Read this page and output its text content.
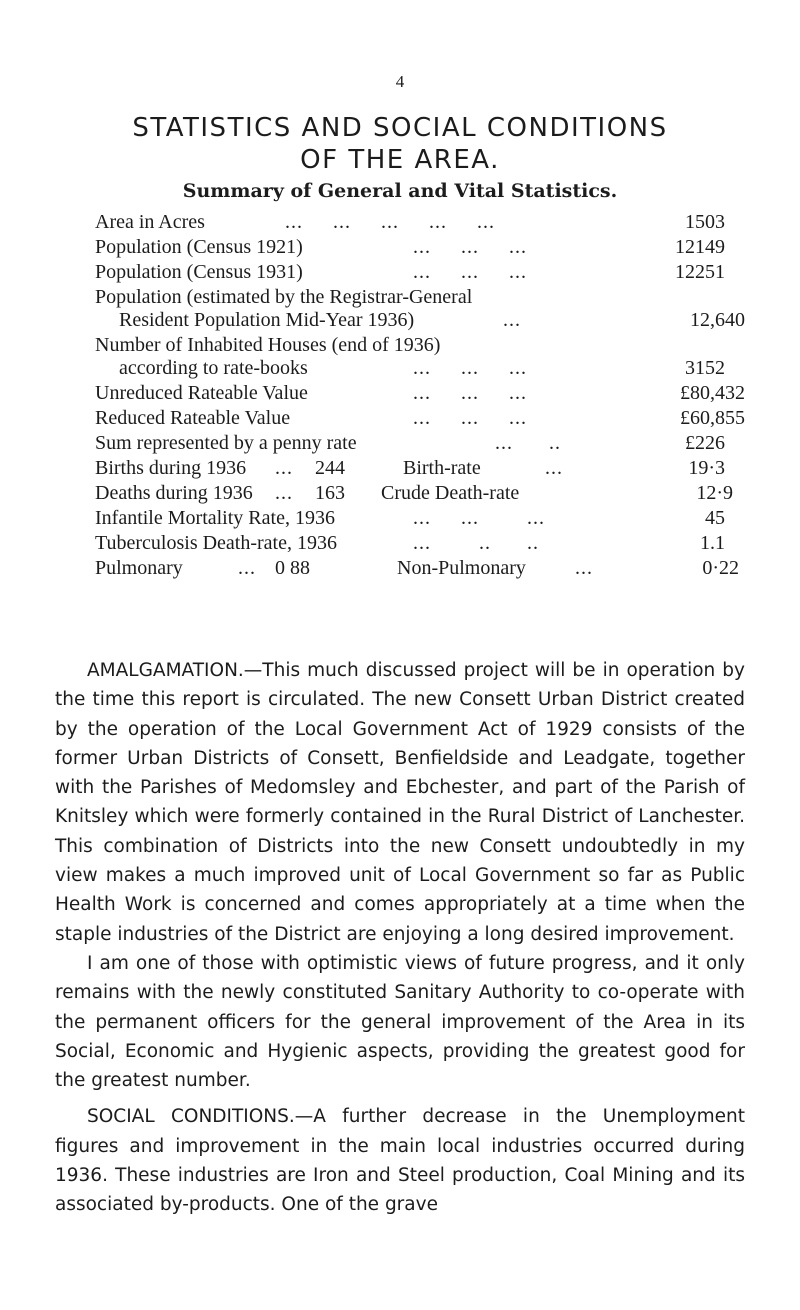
4
STATISTICS AND SOCIAL CONDITIONS
OF THE AREA.
Summary of General and Vital Statistics.
Area in Acres	...     ...     ...     ...     ...	1503
Population (Census 1921)	...     ...     ...	12149
Population (Census 1931)	...     ...     ...	12251
Population (estimated by the Registrar-General
Resident Population Mid-Year 1936)	...	12,640
Number of Inhabited Houses (end of 1936)
according to rate-books	...     ...     ...	3152
Unreduced Rateable Value	...     ...     ...	£80,432
Reduced Rateable Value	...     ...     ...	£60,855
Sum represented by a penny rate	...      ..	£226
Births during 1936 ... 244	Birth-rate	...	19·3
Deaths during 1936 ... 163 Crude Death-rate	12·9
Infantile Mortality Rate, 1936	...     ...        ...	45
Tuberculosis Death-rate, 1936	...        ..      ..	1.1
Pulmonary	... 0 88	Non-Pulmonary ...	0·22

AMALGAMATION.—This much discussed project will be in operation by the time this report is circulated. The new Consett Urban District created by the operation of the Local Government Act of 1929 consists of the former Urban Districts of Consett, Benfieldside and Leadgate, together with the Parishes of Medomsley and Ebchester, and part of the Parish of Knitsley which were formerly contained in the Rural District of Lanchester. This combination of Districts into the new Consett undoubtedly in my view makes a much improved unit of Local Government so far as Public Health Work is concerned and comes appropriately at a time when the staple industries of the District are enjoying a long desired improvement.

I am one of those with optimistic views of future progress, and it only remains with the newly constituted Sanitary Authority to co-operate with the permanent officers for the general improvement of the Area in its Social, Economic and Hygienic aspects, providing the greatest good for the greatest number.

SOCIAL CONDITIONS.—A further decrease in the Unemployment figures and improvement in the main local industries occurred during 1936. These industries are Iron and Steel production, Coal Mining and its associated by-products. One of the grave
